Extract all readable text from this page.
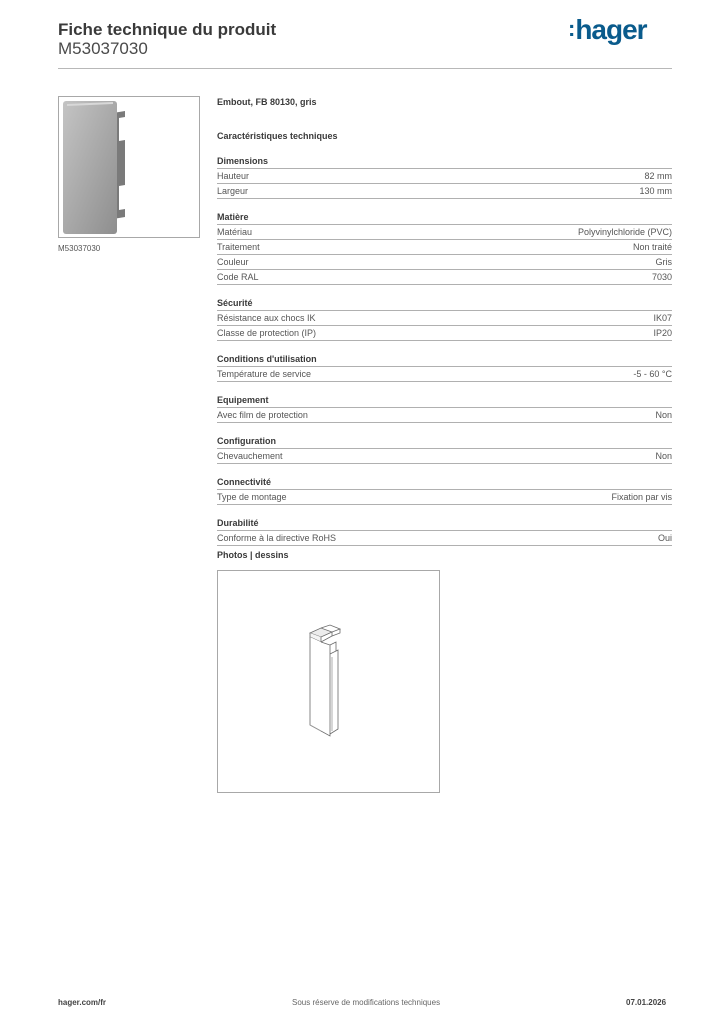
Fiche technique du produit
M53037030
:hager
M53037030
Embout, FB 80130, gris
Caractéristiques techniques
Dimensions
Hauteur	82 mm
Largeur	130 mm
Matière
Matériau	Polyvinylchloride (PVC)
Traitement	Non traité
Couleur	Gris
Code RAL	7030
Sécurité
Résistance aux chocs IK	IK07
Classe de protection (IP)	IP20
Conditions d'utilisation
Température de service	-5 - 60 °C
Equipement
Avec film de protection	Non
Configuration
Chevauchement	Non
Connectivité
Type de montage	Fixation par vis
Durabilité
Conforme à la directive RoHS	Oui
Photos | dessins
hager.com/fr	Sous réserve de modifications techniques	07.01.2026
